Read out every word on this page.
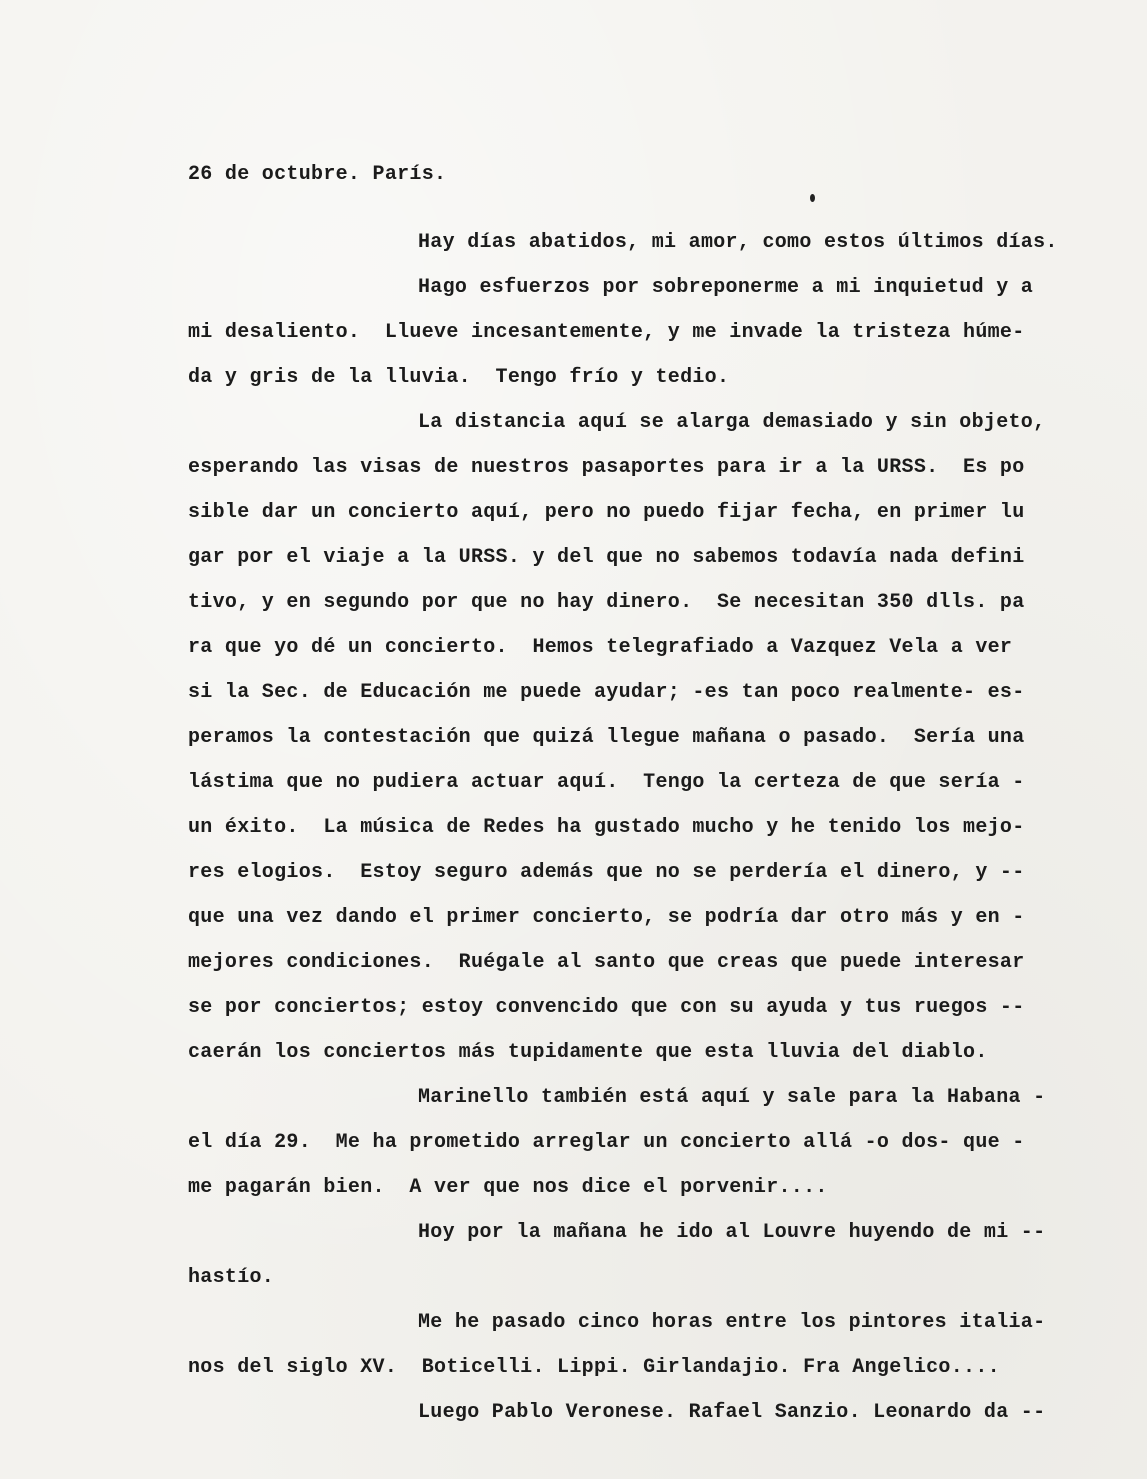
26 de octubre. París.
Hay días abatidos, mi amor, como estos últimos días.
Hago esfuerzos por sobreponerme a mi inquietud y a
mi desaliento.  Llueve incesantemente, y me invade la tristeza húme-
da y gris de la lluvia.  Tengo frío y tedio.
La distancia aquí se alarga demasiado y sin objeto,
esperando las visas de nuestros pasaportes para ir a la URSS.  Es po
sible dar un concierto aquí, pero no puedo fijar fecha, en primer lu
gar por el viaje a la URSS. y del que no sabemos todavía nada defini
tivo, y en segundo por que no hay dinero.  Se necesitan 350 dlls. pa
ra que yo dé un concierto.  Hemos telegrafiado a Vazquez Vela a ver
si la Sec. de Educación me puede ayudar; -es tan poco realmente- es-
peramos la contestación que quizá llegue mañana o pasado.  Sería una
lástima que no pudiera actuar aquí.  Tengo la certeza de que sería -
un éxito.  La música de Redes ha gustado mucho y he tenido los mejo-
res elogios.  Estoy seguro además que no se perdería el dinero, y --
que una vez dando el primer concierto, se podría dar otro más y en -
mejores condiciones.  Ruégale al santo que creas que puede interesar
se por conciertos; estoy convencido que con su ayuda y tus ruegos --
caerán los conciertos más tupidamente que esta lluvia del diablo.
Marinello también está aquí y sale para la Habana -
el día 29.  Me ha prometido arreglar un concierto allá -o dos- que -
me pagarán bien.  A ver que nos dice el porvenir....
Hoy por la mañana he ido al Louvre huyendo de mi --
hastío.
Me he pasado cinco horas entre los pintores italia-
nos del siglo XV.  Boticelli. Lippi. Girlandajio. Fra Angelico....
Luego Pablo Veronese. Rafael Sanzio. Leonardo da --
